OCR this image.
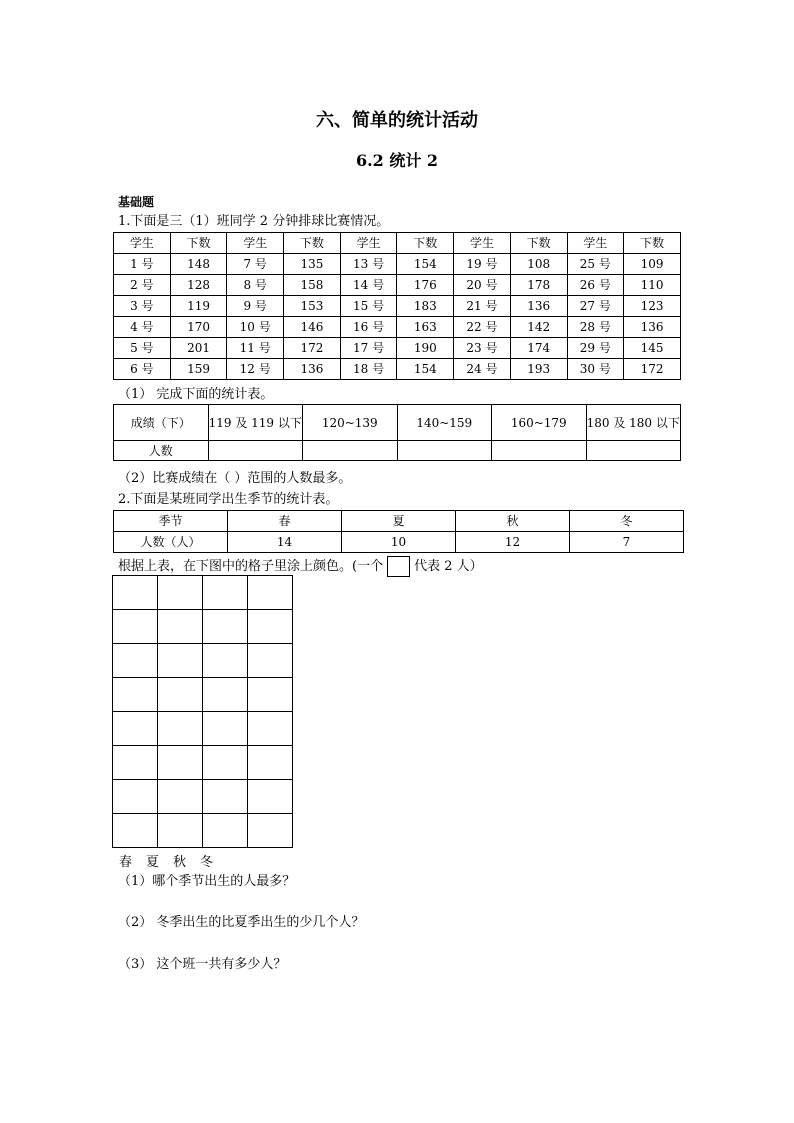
六、简单的统计活动
6.2 统计 2
基础题
1.下面是三（1）班同学 2 分钟排球比赛情况。
学生	下数	学生	下数	学生	下数	学生	下数	学生	下数
1 号	148	7 号	135	13 号	154	19 号	108	25 号	109
2 号	128	8 号	158	14 号	176	20 号	178	26 号	110
3 号	119	9 号	153	15 号	183	21 号	136	27 号	123
4 号	170	10 号	146	16 号	163	22 号	142	28 号	136
5 号	201	11 号	172	17 号	190	23 号	174	29 号	145
6 号	159	12 号	136	18 号	154	24 号	193	30 号	172
（1） 完成下面的统计表。
成绩（下）	119 及 119 以下	120~139	140~159	160~179	180 及 180 以下
人数					
（2）比赛成绩在（ ）范围的人数最多。
2.下面是某班同学出生季节的统计表。
季节	春	夏	秋	冬
人数（人）	14	10	12	7
根据上表，在下图中的格子里涂上颜色。(一个 代表 2 人）

春 夏 秋 冬
（1）哪个季节出生的人最多？
（2） 冬季出生的比夏季出生的少几个人？
（3） 这个班一共有多少人？
